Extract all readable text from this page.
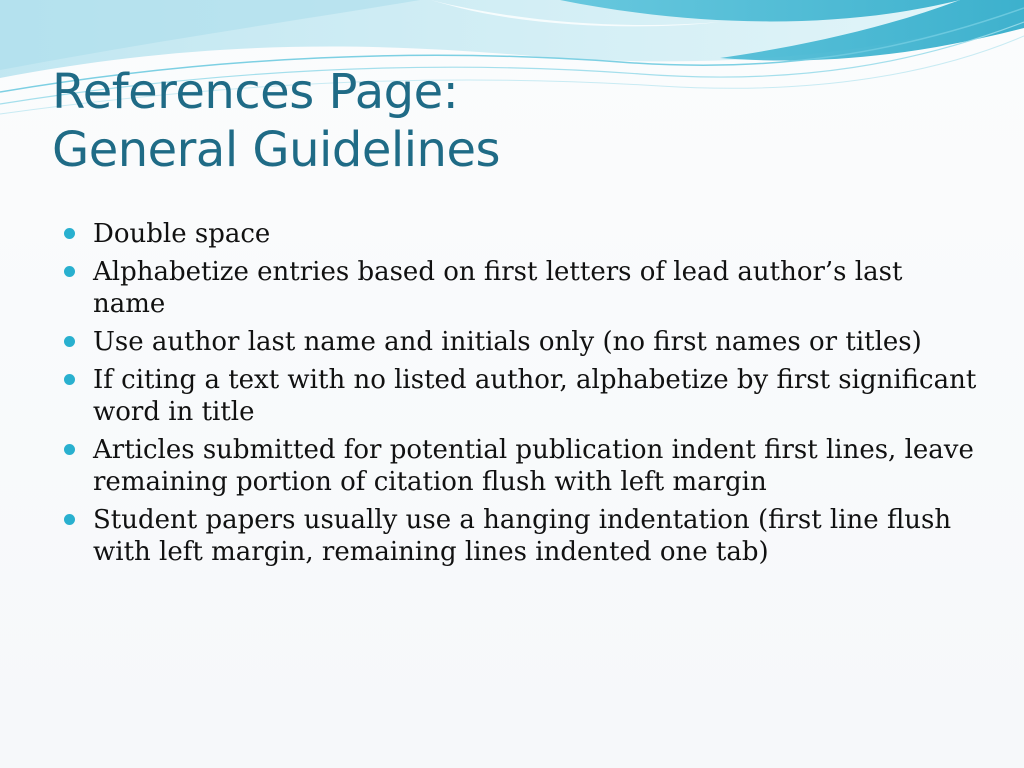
References Page:
General Guidelines
Double space
Alphabetize entries based on first letters of lead author’s last name
Use author last name and initials only (no first names or titles)
If citing a text with no listed author, alphabetize by first significant word in title
Articles submitted for potential publication indent first lines, leave remaining portion of citation flush with left margin
Student papers usually use a hanging indentation (first line flush with left margin, remaining lines indented one tab)
